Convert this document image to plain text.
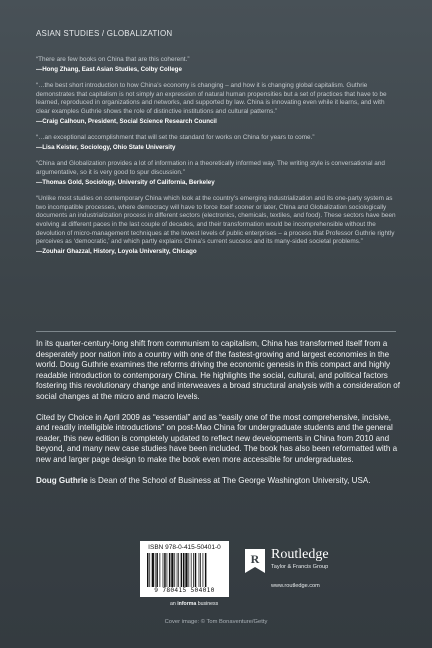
ASIAN STUDIES / GLOBALIZATION
“There are few books on China that are this coherent.”
—Hong Zhang, East Asian Studies, Colby College
“…the best short introduction to how China’s economy is changing – and how it is changing global capitalism. Guthrie demonstrates that capitalism is not simply an expression of natural human propensities but a set of practices that have to be learned, reproduced in organizations and networks, and supported by law. China is innovating even while it learns, and with clear examples Guthrie shows the role of distinctive institutions and cultural patterns.”
—Craig Calhoun, President, Social Science Research Council
“…an exceptional accomplishment that will set the standard for works on China for years to come.”
—Lisa Keister, Sociology, Ohio State University
“China and Globalization provides a lot of information in a theoretically informed way. The writing style is conversational and argumentative, so it is very good to spur discussion.”
—Thomas Gold, Sociology, University of California, Berkeley
“Unlike most studies on contemporary China which look at the country’s emerging industrialization and its one-party system as two incompatible processes, where democracy will have to force itself sooner or later, China and Globalization sociologically documents an industrialization process in different sectors (electronics, chemicals, textiles, and food). These sectors have been evolving at different paces in the last couple of decades, and their transformation would be incomprehensible without the devolution of micro-management techniques at the lowest levels of public enterprises – a process that Professor Guthrie rightly perceives as ‘democratic,’ and which partly explains China’s current success and its many-sided societal problems.”
—Zouhair Ghazzal, History, Loyola University, Chicago

In its quarter-century-long shift from communism to capitalism, China has transformed itself from a desperately poor nation into a country with one of the fastest-growing and largest economies in the world. Doug Guthrie examines the reforms driving the economic genesis in this compact and highly readable introduction to contemporary China. He highlights the social, cultural, and political factors fostering this revolutionary change and interweaves a broad structural analysis with a consideration of social changes at the micro and macro levels.

Cited by Choice in April 2009 as “essential” and as “easily one of the most comprehensive, incisive, and readily intelligible introductions” on post-Mao China for undergraduate students and the general reader, this new edition is completely updated to reflect new developments in China from 2010 and beyond, and many new case studies have been included. The book has also been reformatted with a new and larger page design to make the book even more accessible for undergraduates.

Doug Guthrie is Dean of the School of Business at The George Washington University, USA.

ISBN 978-0-415-50401-0
9 780415 504010
R Routledge
Taylor & Francis Group
www.routledge.com
an informa business
Cover image: © Tom Bonaventure/Getty
